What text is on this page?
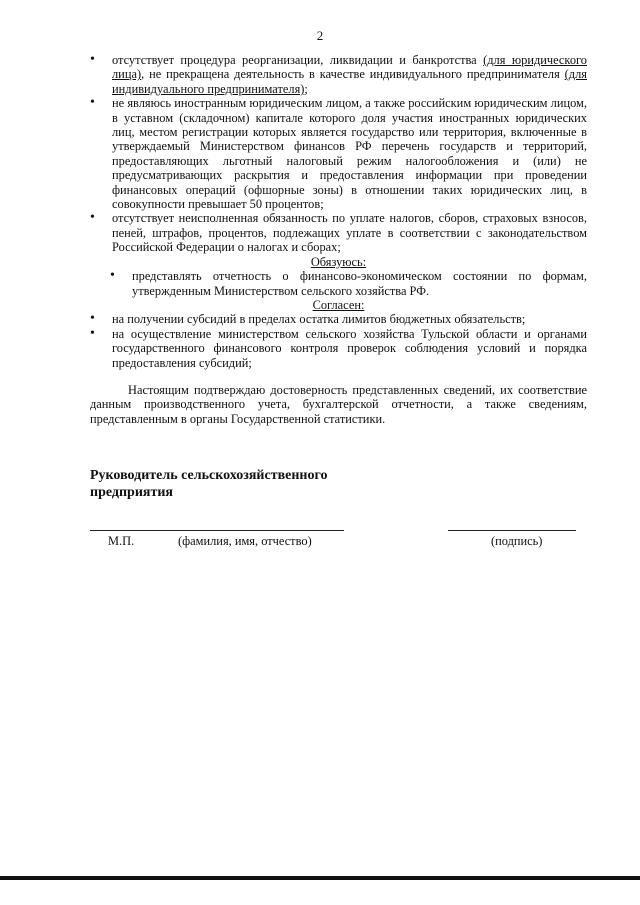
2
• отсутствует процедура реорганизации, ликвидации и банкротства (для юридического лица), не прекращена деятельность в качестве индивидуального предпринимателя (для индивидуального предпринимателя);
• не являюсь иностранным юридическим лицом, а также российским юридическим лицом, в уставном (складочном) капитале которого доля участия иностранных юридических лиц, местом регистрации которых является государство или территория, включенные в утверждаемый Министерством финансов РФ перечень государств и территорий, предоставляющих льготный налоговый режим налогообложения и (или) не предусматривающих раскрытия и предоставления информации при проведении финансовых операций (офшорные зоны) в отношении таких юридических лиц, в совокупности превышает 50 процентов;
• отсутствует неисполненная обязанность по уплате налогов, сборов, страховых взносов, пеней, штрафов, процентов, подлежащих уплате в соответствии с законодательством Российской Федерации о налогах и сборах;

Обязуюсь:

• представлять отчетность о финансово-экономическом состоянии по формам, утвержденным Министерством сельского хозяйства РФ.

Согласен:

• на получении субсидий в пределах остатка лимитов бюджетных обязательств;
• на осуществление министерством сельского хозяйства Тульской области и органами государственного финансового контроля проверок соблюдения условий и порядка предоставления субсидий;

Настоящим подтверждаю достоверность представленных сведений, их соответствие данным производственного учета, бухгалтерской отчетности, а также сведениям, представленным в органы Государственной статистики.

Руководитель сельскохозяйственного
предприятия
М.П.	(фамилия, имя, отчество)	(подпись)
